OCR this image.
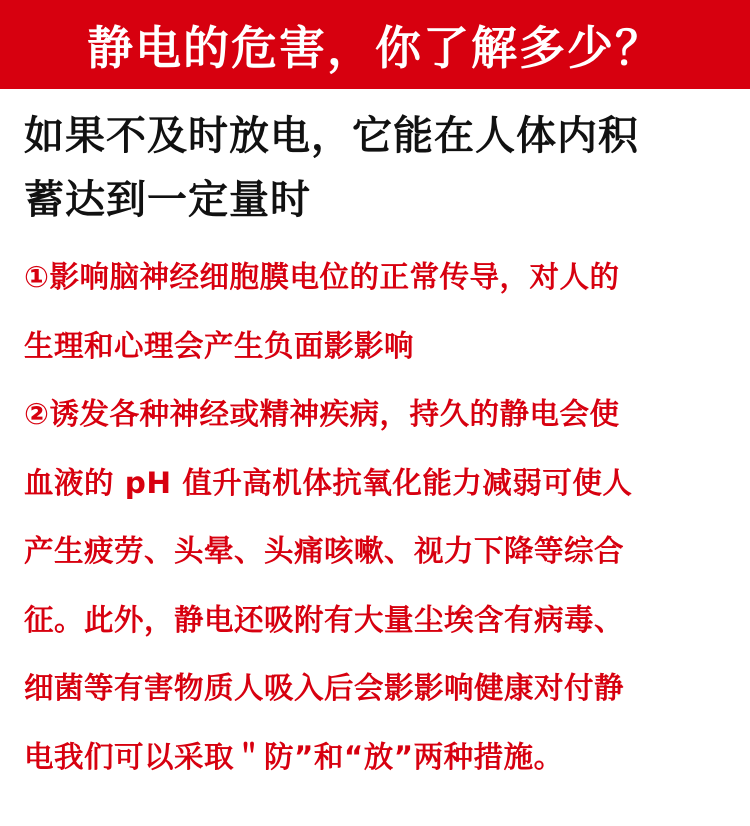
静电的危害，你了解多少？
如果不及时放电，它能在人体内积
蓄达到一定量时
①影响脑神经细胞膜电位的正常传导，对人的
生理和心理会产生负面影影响
②诱发各种神经或精神疾病，持久的静电会使
血液的 pH 值升高机体抗氧化能力减弱可使人
产生疲劳、头晕、头痛咳嗽、视力下降等综合
征。此外，静电还吸附有大量尘埃含有病毒、
细菌等有害物质人吸入后会影影响健康对付静
电我们可以采取＂防”和“放”两种措施。
